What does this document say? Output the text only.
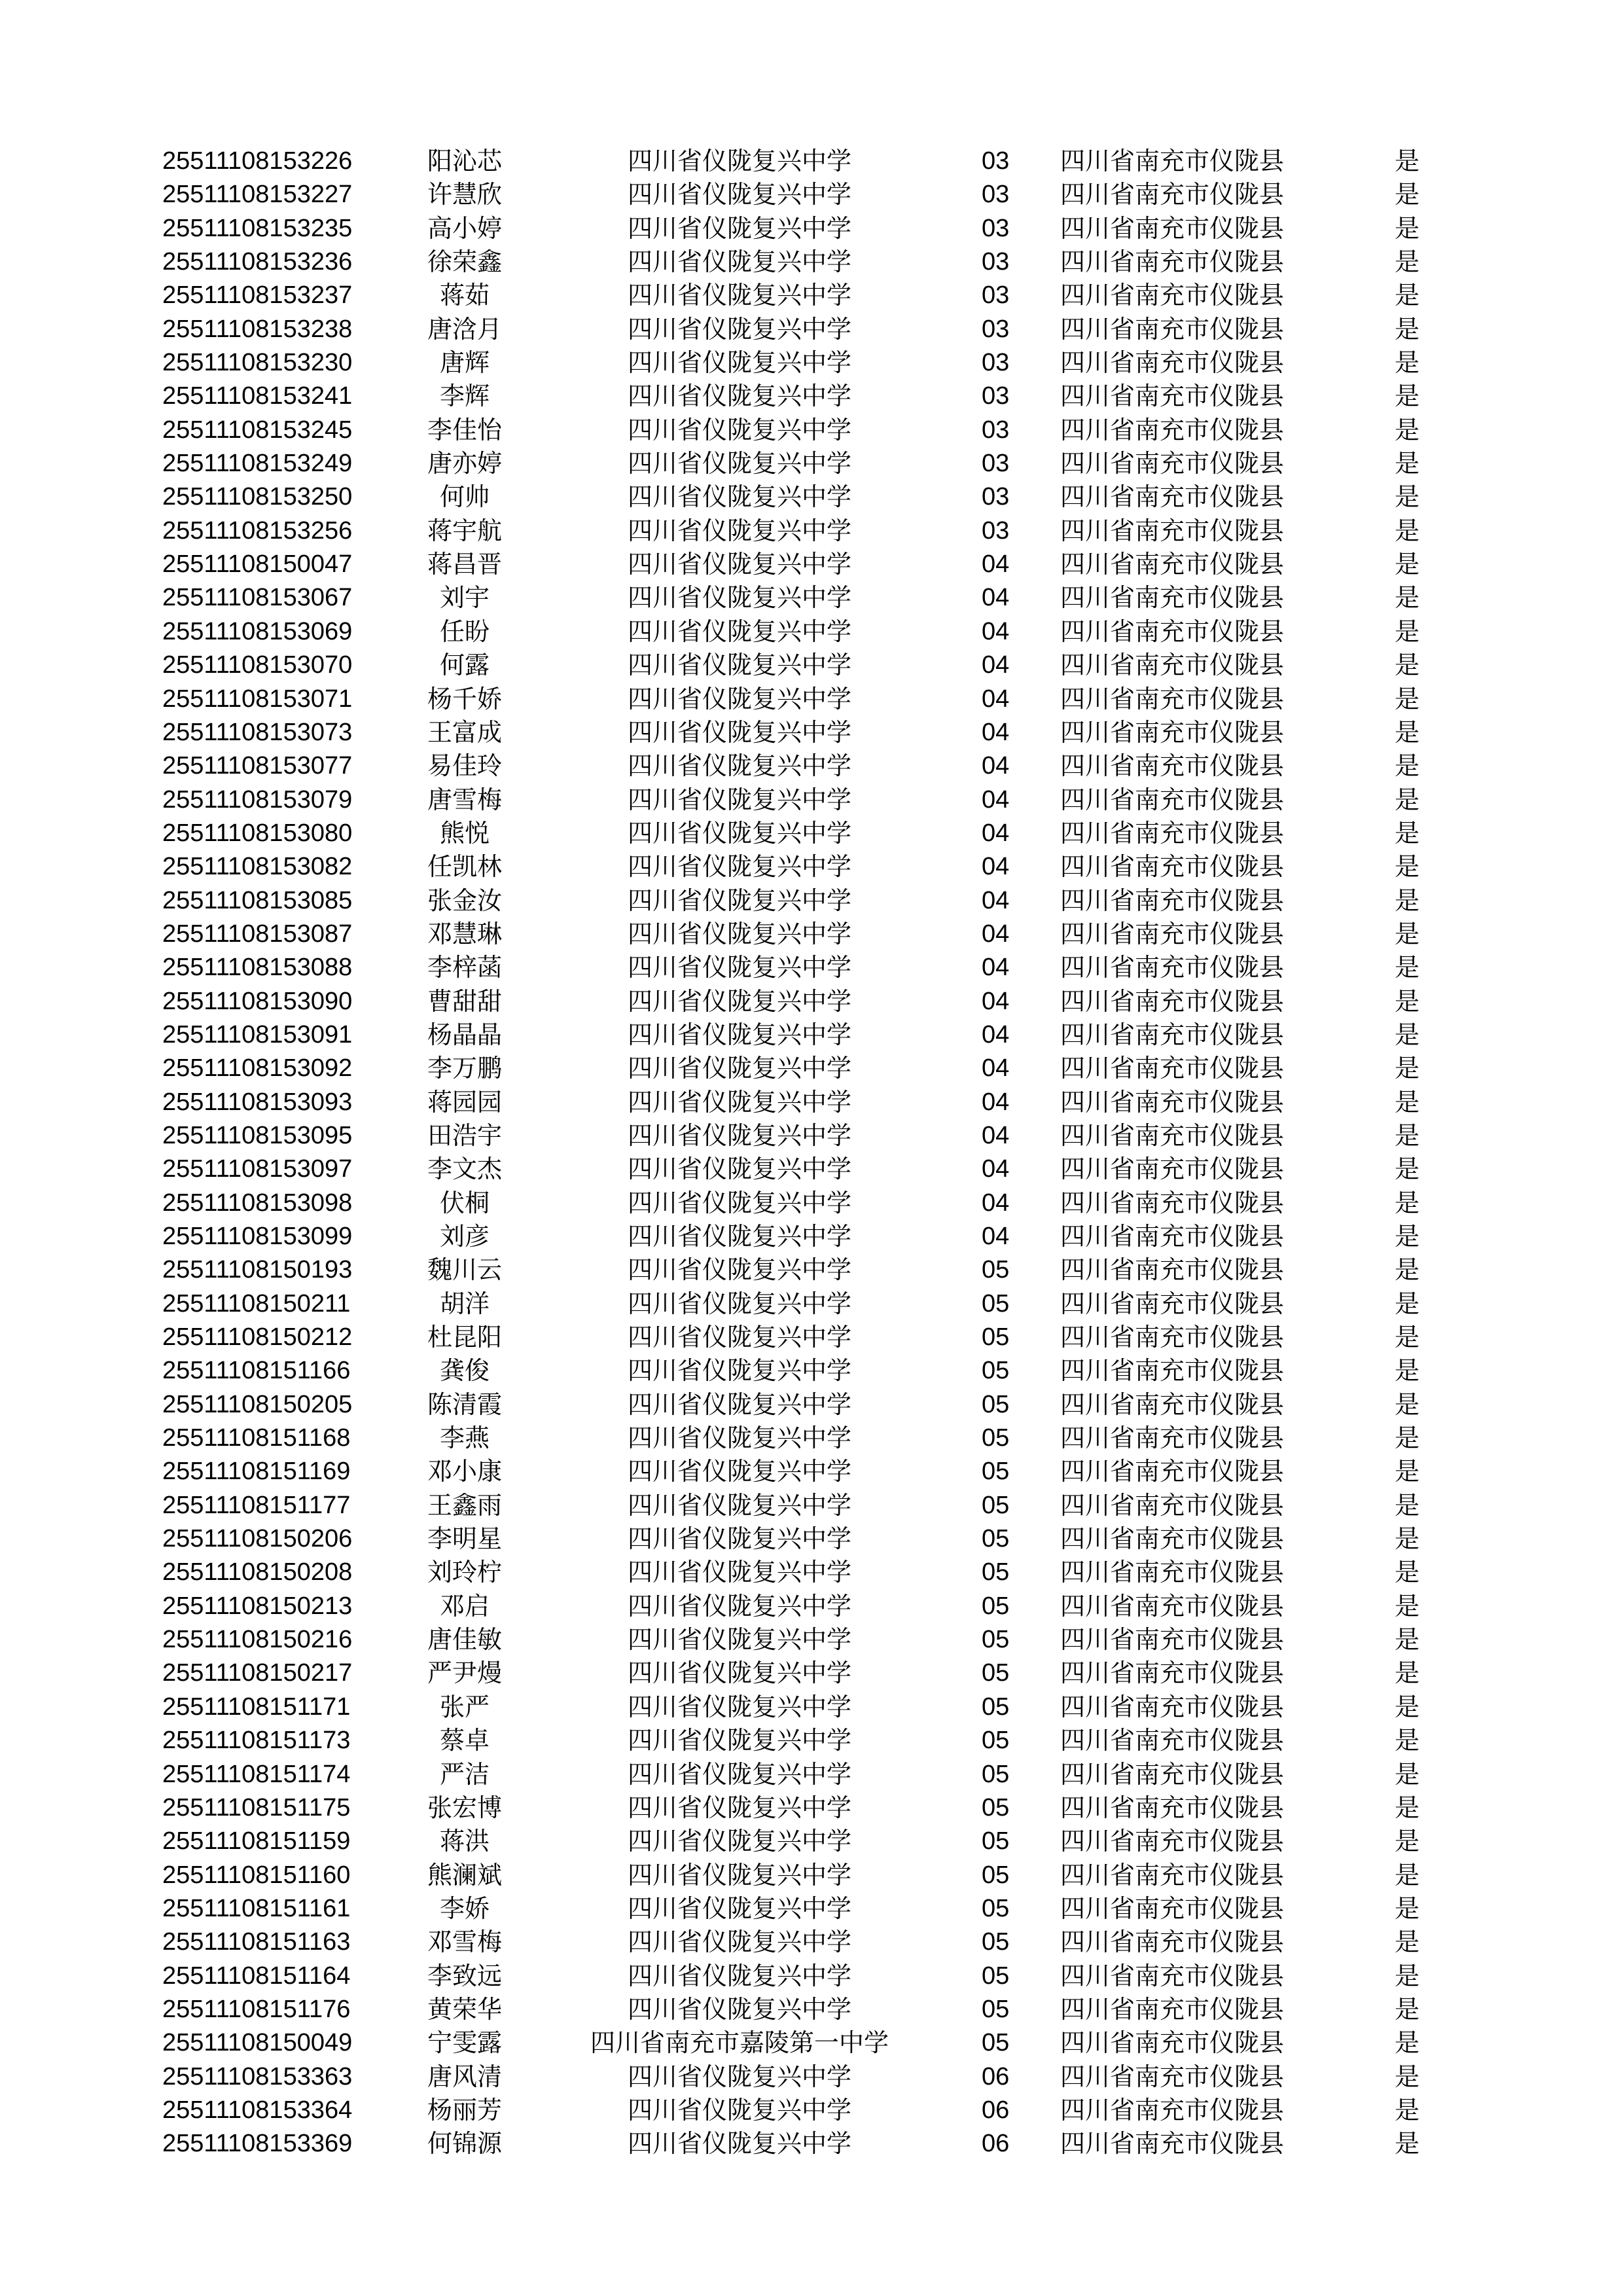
25511108153226	阳沁芯	四川省仪陇复兴中学	03	四川省南充市仪陇县	是
25511108153227	许慧欣	四川省仪陇复兴中学	03	四川省南充市仪陇县	是
25511108153235	高小婷	四川省仪陇复兴中学	03	四川省南充市仪陇县	是
25511108153236	徐荣鑫	四川省仪陇复兴中学	03	四川省南充市仪陇县	是
25511108153237	蒋茹	四川省仪陇复兴中学	03	四川省南充市仪陇县	是
25511108153238	唐浛月	四川省仪陇复兴中学	03	四川省南充市仪陇县	是
25511108153230	唐辉	四川省仪陇复兴中学	03	四川省南充市仪陇县	是
25511108153241	李辉	四川省仪陇复兴中学	03	四川省南充市仪陇县	是
25511108153245	李佳怡	四川省仪陇复兴中学	03	四川省南充市仪陇县	是
25511108153249	唐亦婷	四川省仪陇复兴中学	03	四川省南充市仪陇县	是
25511108153250	何帅	四川省仪陇复兴中学	03	四川省南充市仪陇县	是
25511108153256	蒋宇航	四川省仪陇复兴中学	03	四川省南充市仪陇县	是
25511108150047	蒋昌晋	四川省仪陇复兴中学	04	四川省南充市仪陇县	是
25511108153067	刘宇	四川省仪陇复兴中学	04	四川省南充市仪陇县	是
25511108153069	任盼	四川省仪陇复兴中学	04	四川省南充市仪陇县	是
25511108153070	何露	四川省仪陇复兴中学	04	四川省南充市仪陇县	是
25511108153071	杨千娇	四川省仪陇复兴中学	04	四川省南充市仪陇县	是
25511108153073	王富成	四川省仪陇复兴中学	04	四川省南充市仪陇县	是
25511108153077	易佳玲	四川省仪陇复兴中学	04	四川省南充市仪陇县	是
25511108153079	唐雪梅	四川省仪陇复兴中学	04	四川省南充市仪陇县	是
25511108153080	熊悦	四川省仪陇复兴中学	04	四川省南充市仪陇县	是
25511108153082	任凯林	四川省仪陇复兴中学	04	四川省南充市仪陇县	是
25511108153085	张金汝	四川省仪陇复兴中学	04	四川省南充市仪陇县	是
25511108153087	邓慧琳	四川省仪陇复兴中学	04	四川省南充市仪陇县	是
25511108153088	李梓菡	四川省仪陇复兴中学	04	四川省南充市仪陇县	是
25511108153090	曹甜甜	四川省仪陇复兴中学	04	四川省南充市仪陇县	是
25511108153091	杨晶晶	四川省仪陇复兴中学	04	四川省南充市仪陇县	是
25511108153092	李万鹏	四川省仪陇复兴中学	04	四川省南充市仪陇县	是
25511108153093	蒋园园	四川省仪陇复兴中学	04	四川省南充市仪陇县	是
25511108153095	田浩宇	四川省仪陇复兴中学	04	四川省南充市仪陇县	是
25511108153097	李文杰	四川省仪陇复兴中学	04	四川省南充市仪陇县	是
25511108153098	伏桐	四川省仪陇复兴中学	04	四川省南充市仪陇县	是
25511108153099	刘彦	四川省仪陇复兴中学	04	四川省南充市仪陇县	是
25511108150193	魏川云	四川省仪陇复兴中学	05	四川省南充市仪陇县	是
25511108150211	胡洋	四川省仪陇复兴中学	05	四川省南充市仪陇县	是
25511108150212	杜昆阳	四川省仪陇复兴中学	05	四川省南充市仪陇县	是
25511108151166	龚俊	四川省仪陇复兴中学	05	四川省南充市仪陇县	是
25511108150205	陈清霞	四川省仪陇复兴中学	05	四川省南充市仪陇县	是
25511108151168	李燕	四川省仪陇复兴中学	05	四川省南充市仪陇县	是
25511108151169	邓小康	四川省仪陇复兴中学	05	四川省南充市仪陇县	是
25511108151177	王鑫雨	四川省仪陇复兴中学	05	四川省南充市仪陇县	是
25511108150206	李明星	四川省仪陇复兴中学	05	四川省南充市仪陇县	是
25511108150208	刘玲柠	四川省仪陇复兴中学	05	四川省南充市仪陇县	是
25511108150213	邓启	四川省仪陇复兴中学	05	四川省南充市仪陇县	是
25511108150216	唐佳敏	四川省仪陇复兴中学	05	四川省南充市仪陇县	是
25511108150217	严尹熳	四川省仪陇复兴中学	05	四川省南充市仪陇县	是
25511108151171	张严	四川省仪陇复兴中学	05	四川省南充市仪陇县	是
25511108151173	蔡卓	四川省仪陇复兴中学	05	四川省南充市仪陇县	是
25511108151174	严洁	四川省仪陇复兴中学	05	四川省南充市仪陇县	是
25511108151175	张宏博	四川省仪陇复兴中学	05	四川省南充市仪陇县	是
25511108151159	蒋洪	四川省仪陇复兴中学	05	四川省南充市仪陇县	是
25511108151160	熊澜斌	四川省仪陇复兴中学	05	四川省南充市仪陇县	是
25511108151161	李娇	四川省仪陇复兴中学	05	四川省南充市仪陇县	是
25511108151163	邓雪梅	四川省仪陇复兴中学	05	四川省南充市仪陇县	是
25511108151164	李致远	四川省仪陇复兴中学	05	四川省南充市仪陇县	是
25511108151176	黄荣华	四川省仪陇复兴中学	05	四川省南充市仪陇县	是
25511108150049	宁雯露	四川省南充市嘉陵第一中学	05	四川省南充市仪陇县	是
25511108153363	唐风清	四川省仪陇复兴中学	06	四川省南充市仪陇县	是
25511108153364	杨丽芳	四川省仪陇复兴中学	06	四川省南充市仪陇县	是
25511108153369	何锦源	四川省仪陇复兴中学	06	四川省南充市仪陇县	是
